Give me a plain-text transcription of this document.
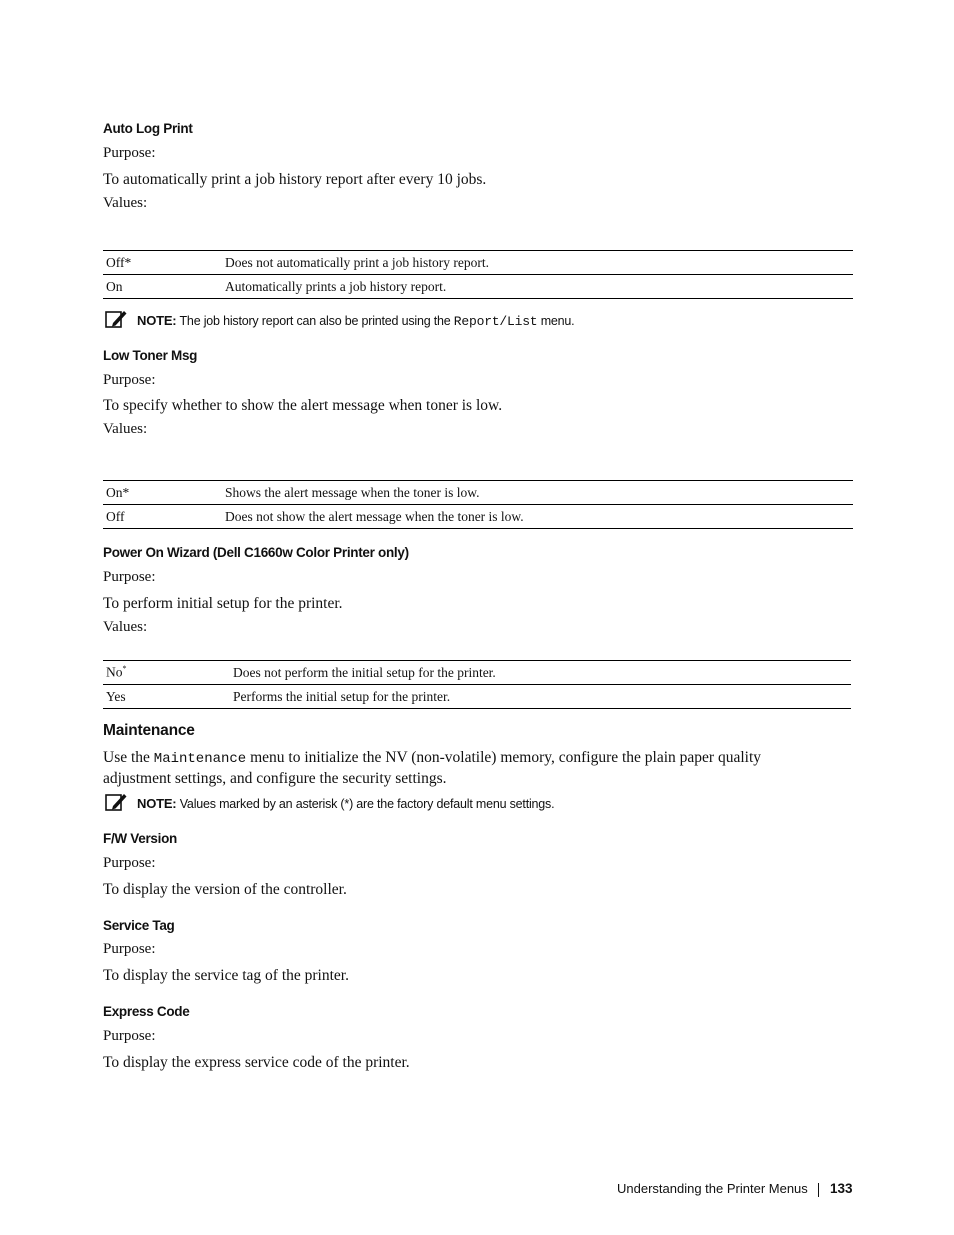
Auto Log Print
Purpose:
To automatically print a job history report after every 10 jobs.
Values:
Off*	Does not automatically print a job history report.
On	Automatically prints a job history report.
NOTE: The job history report can also be printed using the Report/List menu.
Low Toner Msg
Purpose:
To specify whether to show the alert message when toner is low.
Values:
On*	Shows the alert message when the toner is low.
Off	Does not show the alert message when the toner is low.
Power On Wizard (Dell C1660w Color Printer only)
Purpose:
To perform initial setup for the printer.
Values:
No*	Does not perform the initial setup for the printer.
Yes	Performs the initial setup for the printer.
Maintenance
Use the Maintenance menu to initialize the NV (non-volatile) memory, configure the plain paper quality
adjustment settings, and configure the security settings.
NOTE: Values marked by an asterisk (*) are the factory default menu settings.
F/W Version
Purpose:
To display the version of the controller.
Service Tag
Purpose:
To display the service tag of the printer.
Express Code
Purpose:
To display the express service code of the printer.
Understanding the Printer Menus 133
